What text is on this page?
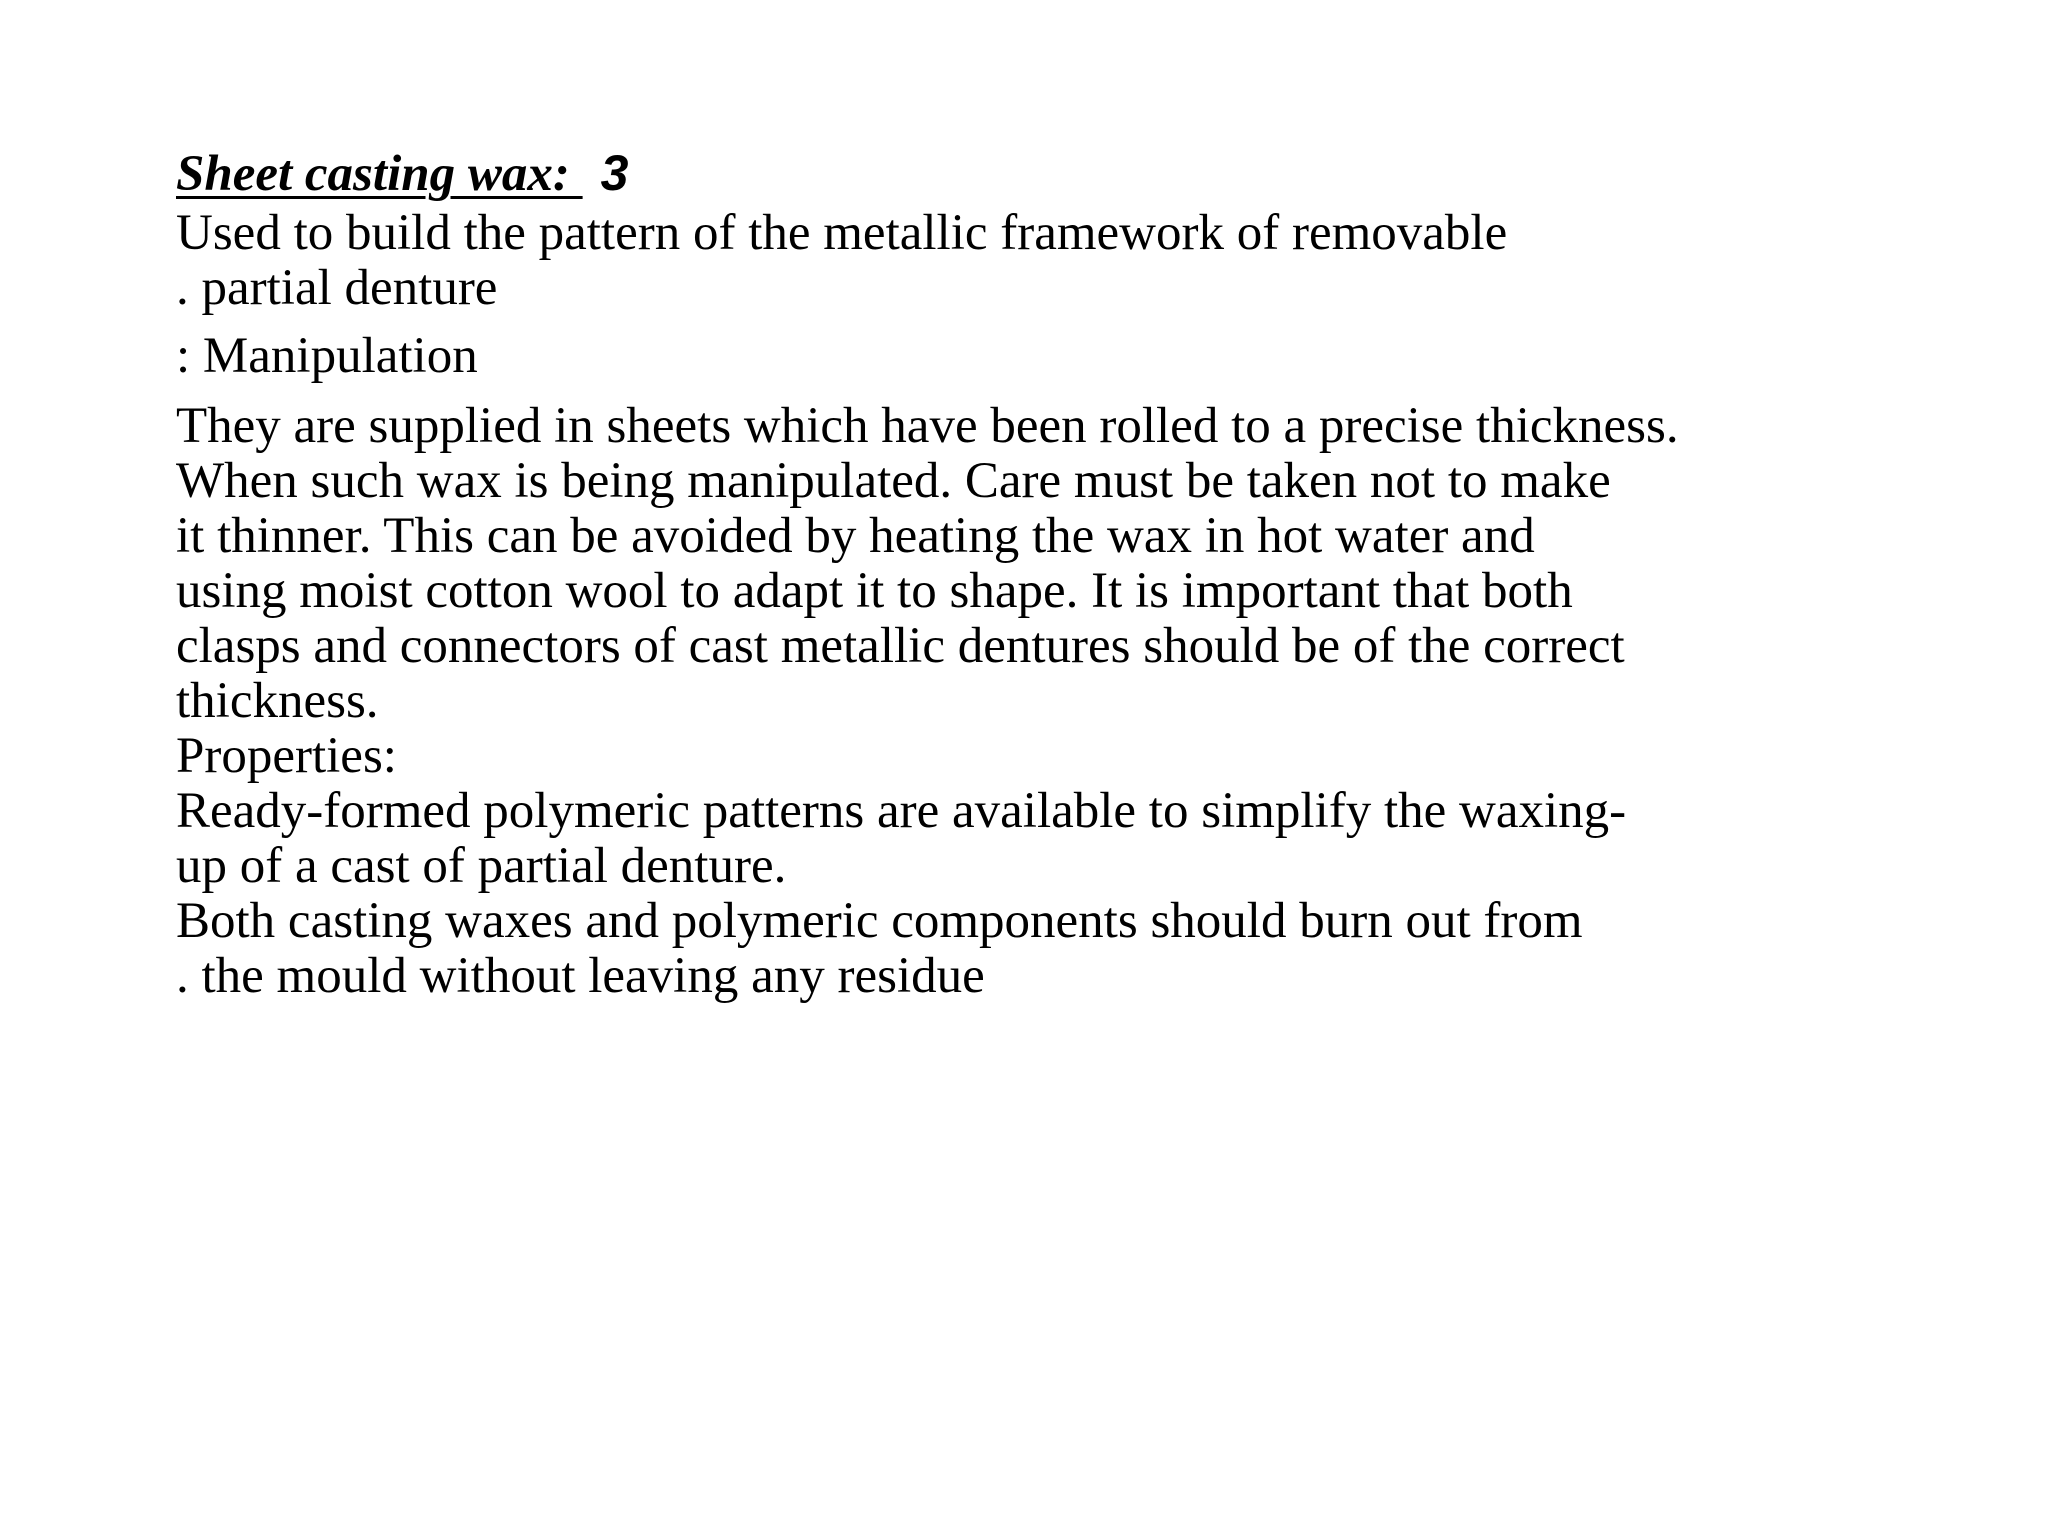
Sheet casting wax: 3
Used to build the pattern of the metallic framework of removable
. partial denture
: Manipulation
They are supplied in sheets which have been rolled to a precise thickness.
When such wax is being manipulated. Care must be taken not to make
it thinner. This can be avoided by heating the wax in hot water and
using moist cotton wool to adapt it to shape. It is important that both
clasps and connectors of cast metallic dentures should be of the correct
thickness.
Properties:
Ready-formed polymeric patterns are available to simplify the waxing-
up of a cast of partial denture.
Both casting waxes and polymeric components should burn out from
. the mould without leaving any residue
